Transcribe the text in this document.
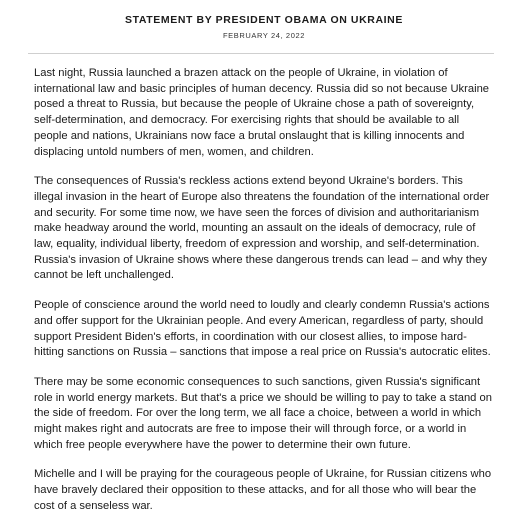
STATEMENT BY PRESIDENT OBAMA ON UKRAINE
FEBRUARY 24, 2022

Last night, Russia launched a brazen attack on the people of Ukraine, in violation of international law and basic principles of human decency. Russia did so not because Ukraine posed a threat to Russia, but because the people of Ukraine chose a path of sovereignty, self-determination, and democracy. For exercising rights that should be available to all people and nations, Ukrainians now face a brutal onslaught that is killing innocents and displacing untold numbers of men, women, and children.

The consequences of Russia's reckless actions extend beyond Ukraine's borders. This illegal invasion in the heart of Europe also threatens the foundation of the international order and security. For some time now, we have seen the forces of division and authoritarianism make headway around the world, mounting an assault on the ideals of democracy, rule of law, equality, individual liberty, freedom of expression and worship, and self-determination. Russia's invasion of Ukraine shows where these dangerous trends can lead – and why they cannot be left unchallenged.

People of conscience around the world need to loudly and clearly condemn Russia's actions and offer support for the Ukrainian people. And every American, regardless of party, should support President Biden's efforts, in coordination with our closest allies, to impose hard-hitting sanctions on Russia – sanctions that impose a real price on Russia's autocratic elites.

There may be some economic consequences to such sanctions, given Russia's significant role in world energy markets. But that's a price we should be willing to pay to take a stand on the side of freedom. For over the long term, we all face a choice, between a world in which might makes right and autocrats are free to impose their will through force, or a world in which free people everywhere have the power to determine their own future.

Michelle and I will be praying for the courageous people of Ukraine, for Russian citizens who have bravely declared their opposition to these attacks, and for all those who will bear the cost of a senseless war.
